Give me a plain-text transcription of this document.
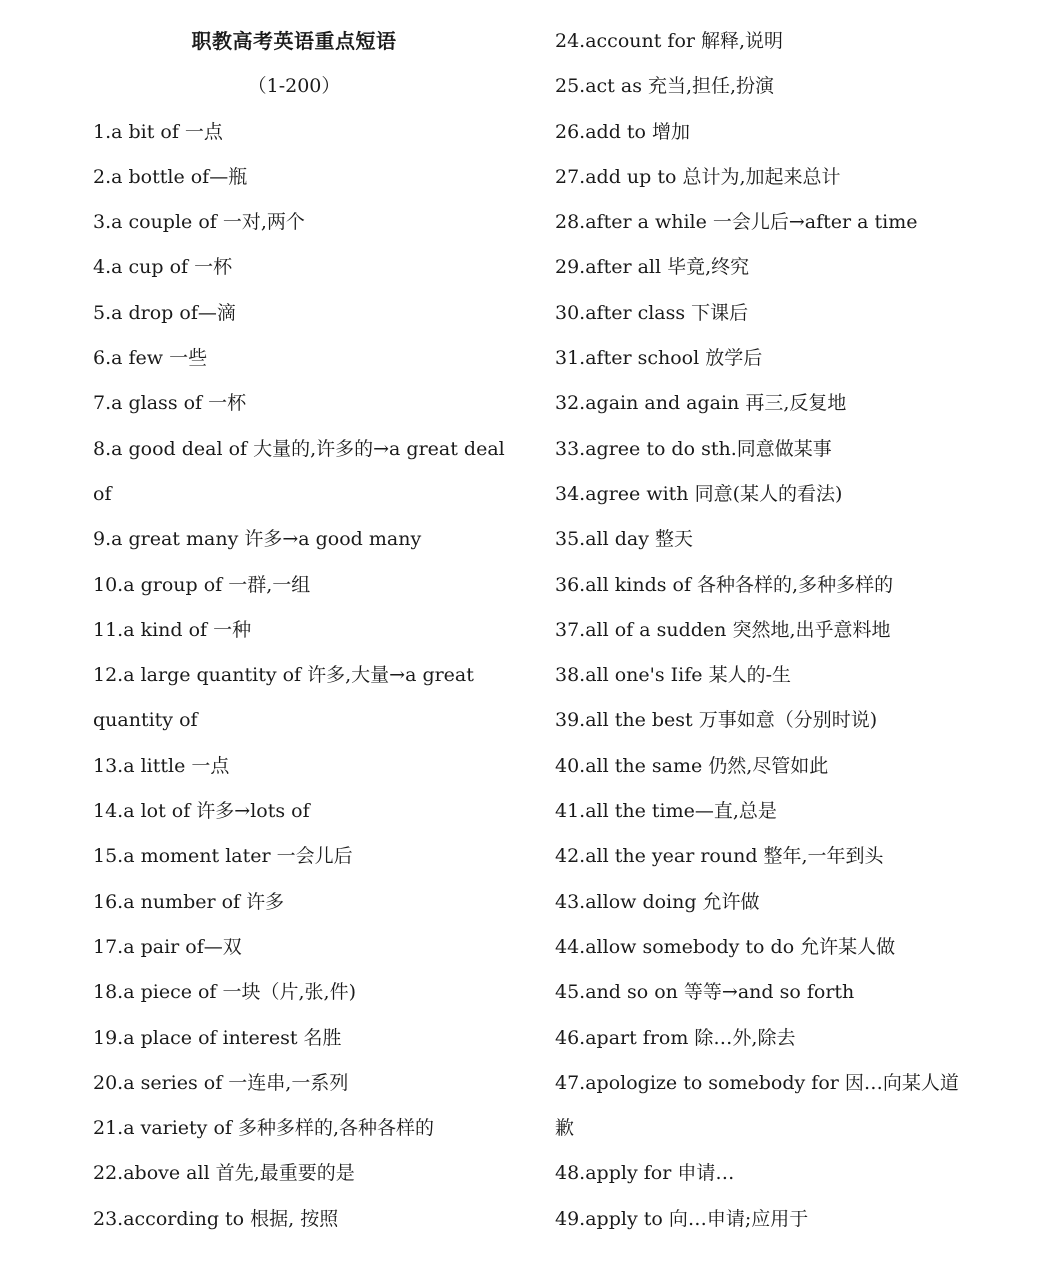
职教高考英语重点短语
（1-200）
1.a bit of 一点
2.a bottle of—瓶
3.a couple of 一对,两个
4.a cup of 一杯
5.a drop of—滴
6.a few 一些
7.a glass of 一杯
8.a good deal of 大量的,许多的→a great deal
of
9.a great many 许多→a good many
10.a group of 一群,一组
11.a kind of 一种
12.a large quantity of 许多,大量→a great
quantity of
13.a little 一点
14.a lot of 许多→lots of
15.a moment later 一会儿后
16.a number of 许多
17.a pair of—双
18.a piece of 一块（片,张,件)
19.a place of interest 名胜
20.a series of 一连串,一系列
21.a variety of 多种多样的,各种各样的
22.above all 首先,最重要的是
23.according to 根据, 按照
24.account for 解释,说明
25.act as 充当,担任,扮演
26.add to 增加
27.add up to 总计为,加起来总计
28.after a while 一会儿后→after a time
29.after all 毕竟,终究
30.after class 下课后
31.after school 放学后
32.again and again 再三,反复地
33.agree to do sth.同意做某事
34.agree with 同意(某人的看法)
35.all day 整天
36.all kinds of 各种各样的,多种多样的
37.all of a sudden 突然地,出乎意料地
38.all one's Iife 某人的-生
39.all the best 万事如意（分别时说)
40.all the same 仍然,尽管如此
41.all the time—直,总是
42.all the year round 整年,一年到头
43.allow doing 允许做
44.allow somebody to do 允许某人做
45.and so on 等等→and so forth
46.apart from 除…外,除去
47.apologize to somebody for 因…向某人道
歉
48.apply for 申请…
49.apply to 向…申请;应用于
